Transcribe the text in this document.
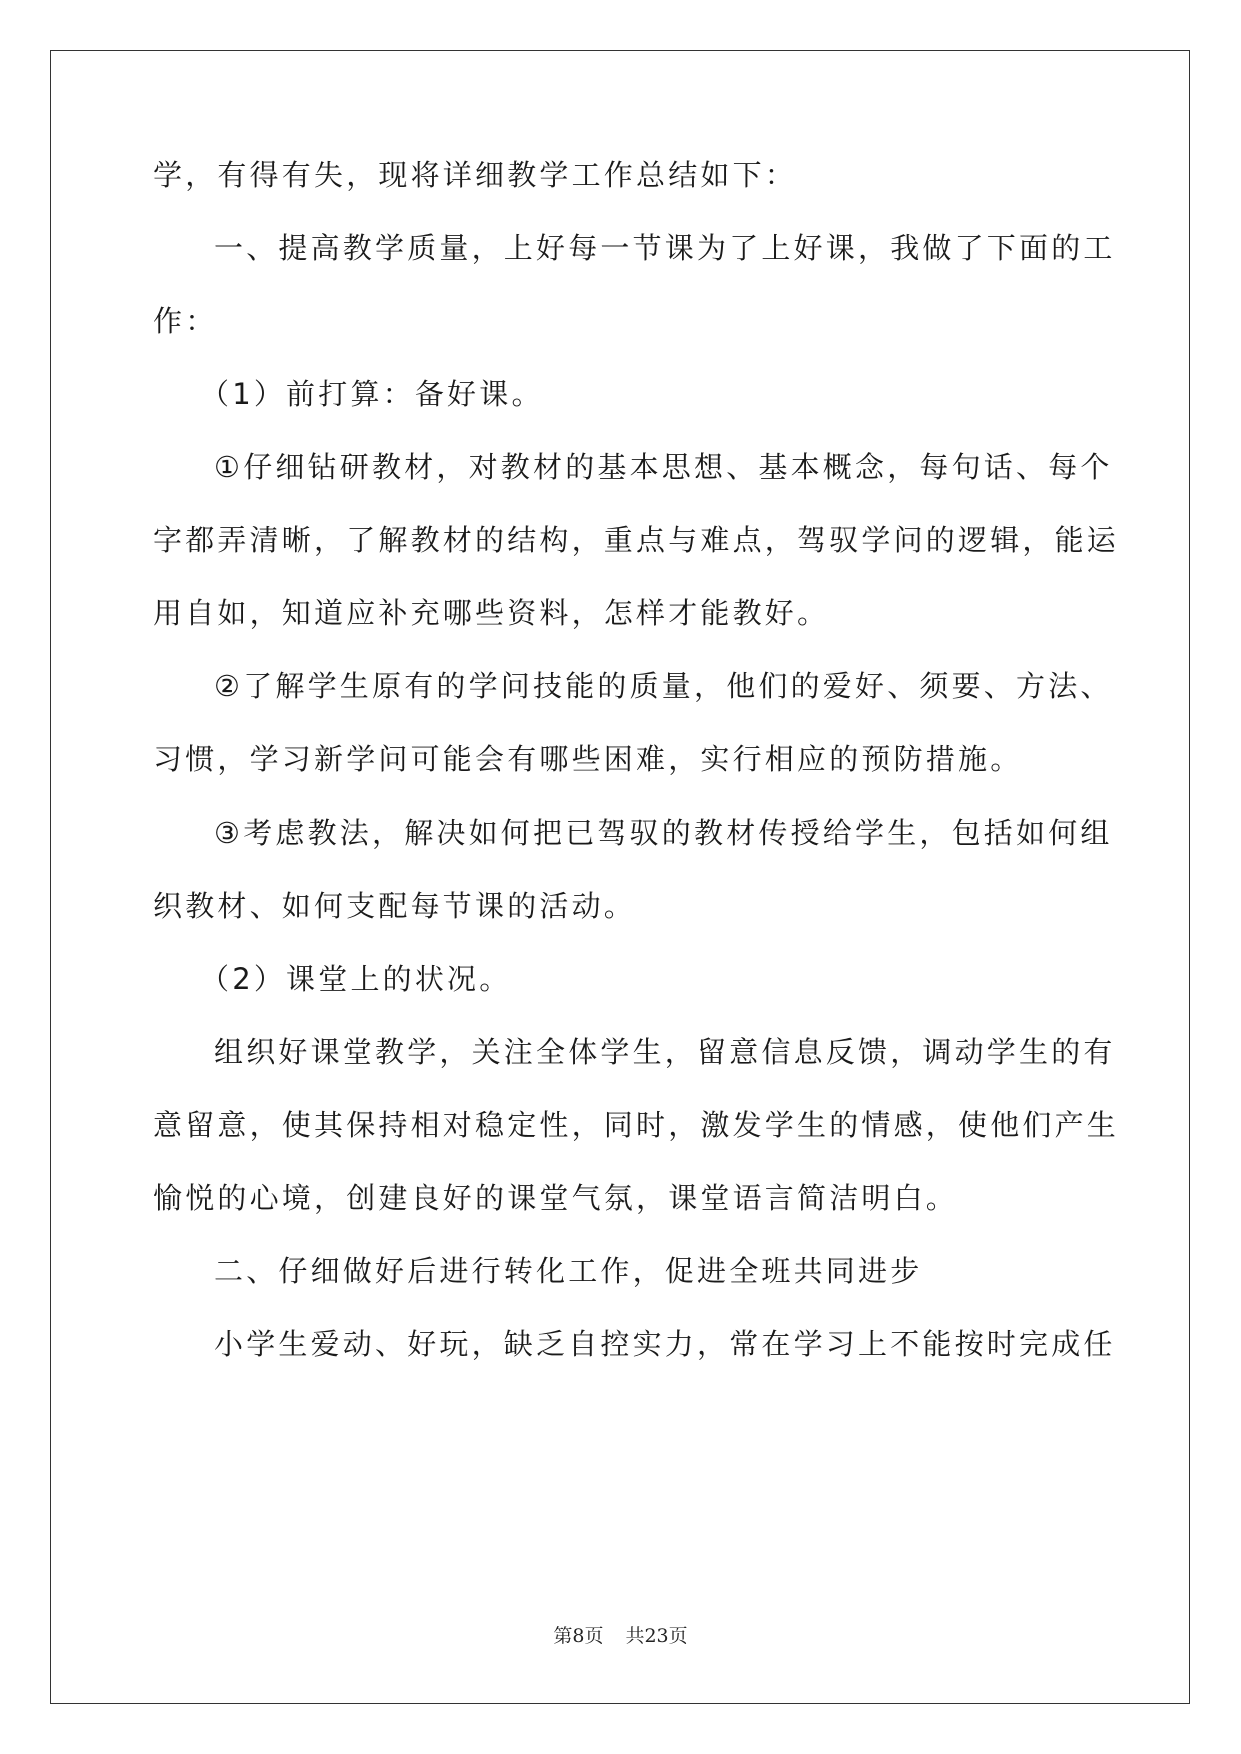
学，有得有失，现将详细教学工作总结如下：
一、提高教学质量，上好每一节课为了上好课，我做了下面的工
作：
（1）前打算：备好课。
①仔细钻研教材，对教材的基本思想、基本概念，每句话、每个
字都弄清晰，了解教材的结构，重点与难点，驾驭学问的逻辑，能运
用自如，知道应补充哪些资料，怎样才能教好。
②了解学生原有的学问技能的质量，他们的爱好、须要、方法、
习惯，学习新学问可能会有哪些困难，实行相应的预防措施。
③考虑教法，解决如何把已驾驭的教材传授给学生，包括如何组
织教材、如何支配每节课的活动。
（2）课堂上的状况。
组织好课堂教学，关注全体学生，留意信息反馈，调动学生的有
意留意，使其保持相对稳定性，同时，激发学生的情感，使他们产生
愉悦的心境，创建良好的课堂气氛，课堂语言简洁明白。
二、仔细做好后进行转化工作，促进全班共同进步
小学生爱动、好玩，缺乏自控实力，常在学习上不能按时完成任
第8页 共23页
